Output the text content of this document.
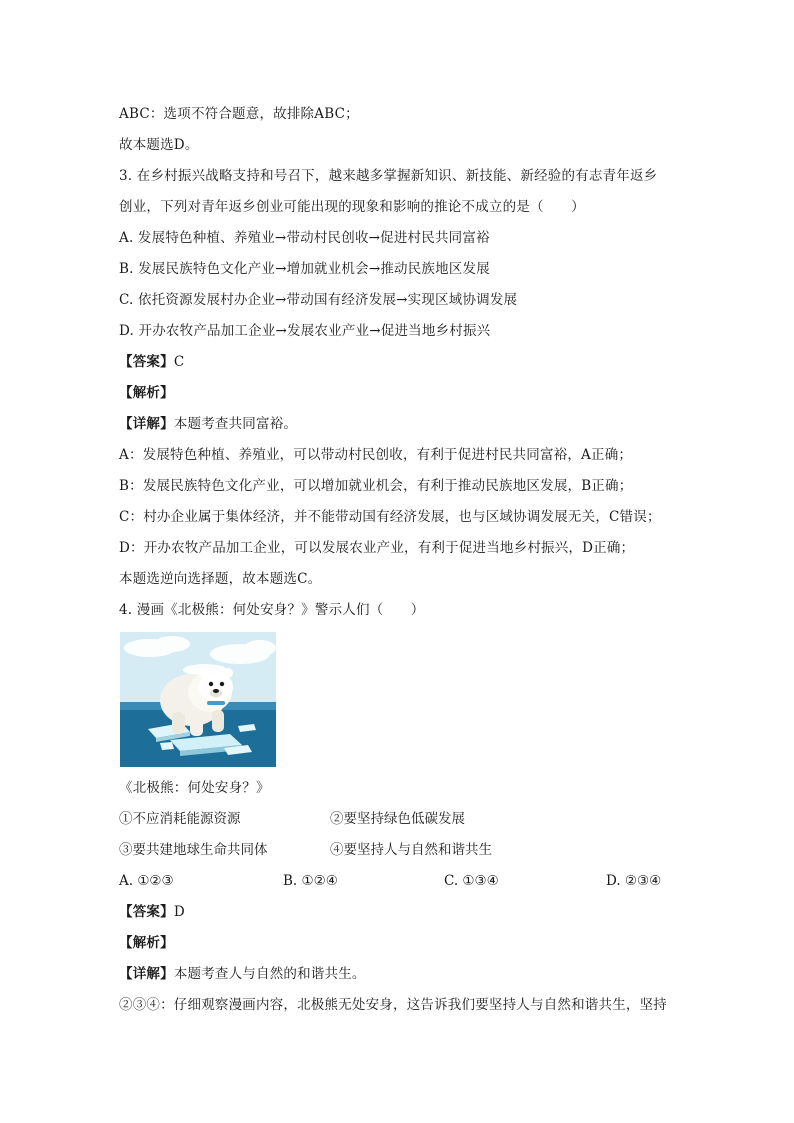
ABC：选项不符合题意，故排除ABC；
故本题选D。
3. 在乡村振兴战略支持和号召下，越来越多掌握新知识、新技能、新经验的有志青年返乡
创业，下列对青年返乡创业可能出现的现象和影响的推论不成立的是（　　）
A. 发展特色种植、养殖业→带动村民创收→促进村民共同富裕
B. 发展民族特色文化产业→增加就业机会→推动民族地区发展
C. 依托资源发展村办企业→带动国有经济发展→实现区域协调发展
D. 开办农牧产品加工企业→发展农业产业→促进当地乡村振兴
【答案】C
【解析】
【详解】本题考查共同富裕。
A：发展特色种植、养殖业，可以带动村民创收，有利于促进村民共同富裕，A正确；
B：发展民族特色文化产业，可以增加就业机会，有利于推动民族地区发展，B正确；
C：村办企业属于集体经济，并不能带动国有经济发展，也与区域协调发展无关，C错误；
D：开办农牧产品加工企业，可以发展农业产业，有利于促进当地乡村振兴，D正确；
本题选逆向选择题，故本题选C。
4. 漫画《北极熊：何处安身？》警示人们（　　）
《北极熊：何处安身？》
①不应消耗能源资源	②要坚持绿色低碳发展
③要共建地球生命共同体	④要坚持人与自然和谐共生
A. ①②③	B. ①②④	C. ①③④	D. ②③④
【答案】D
【解析】
【详解】本题考查人与自然的和谐共生。
②③④：仔细观察漫画内容，北极熊无处安身，这告诉我们要坚持人与自然和谐共生，坚持
